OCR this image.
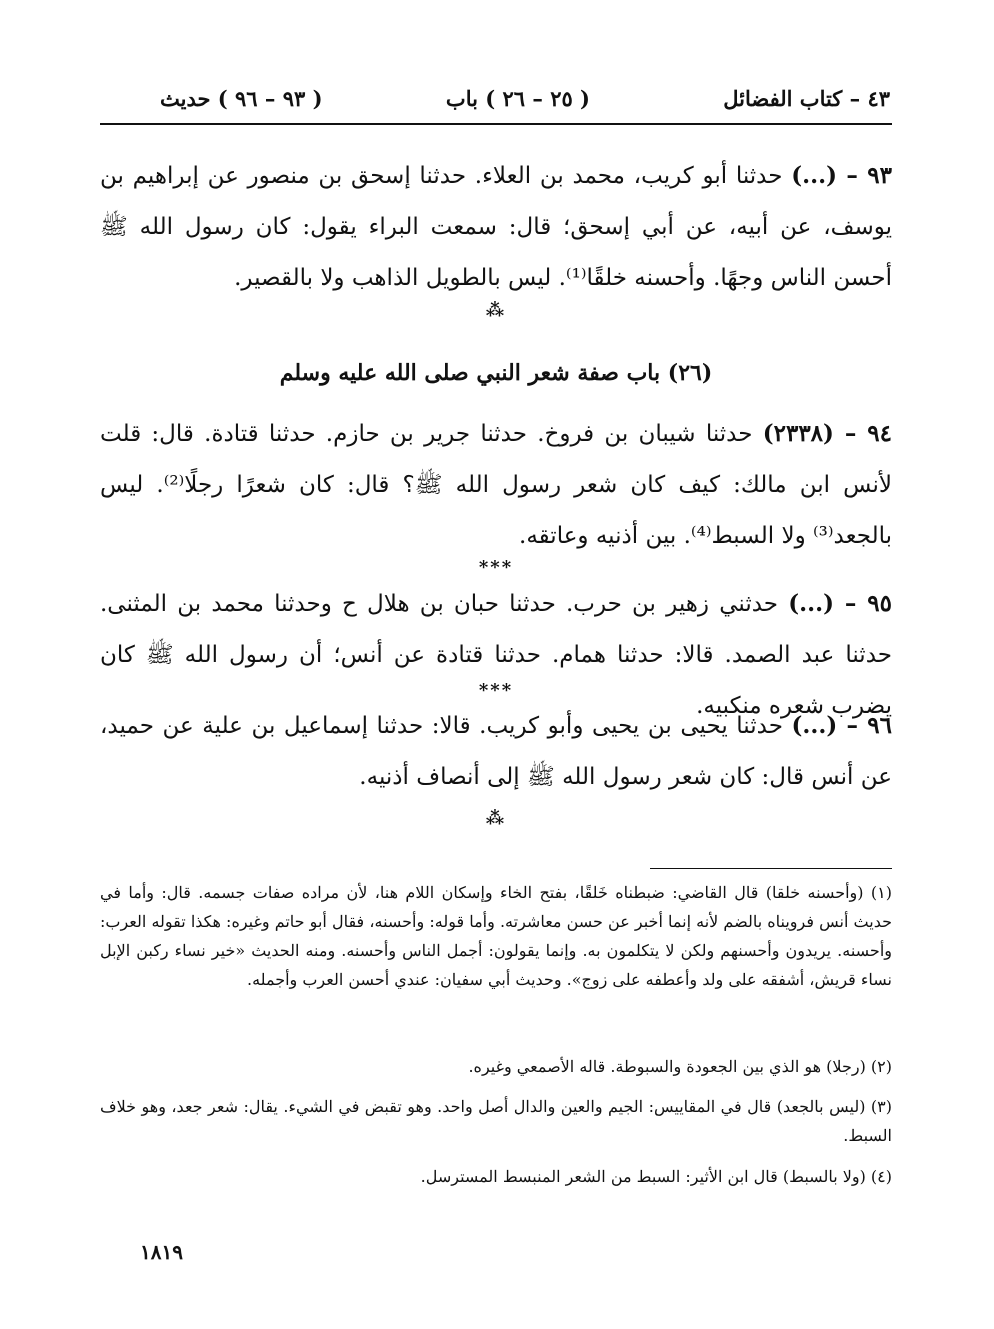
٤٣ – كتاب الفضائل
( ٢٥ – ٢٦ ) باب
( ٩٣ – ٩٦ ) حديث
٩٣ – (...) حدثنا أبو كريب، محمد بن العلاء. حدثنا إسحق بن منصور عن إبراهيم بن يوسف، عن أبيه، عن أبي إسحق؛ قال: سمعت البراء يقول: كان رسول الله ﷺ أحسن الناس وجهًا. وأحسنه خلقًا⁽¹⁾. ليس بالطويل الذاهب ولا بالقصير.
⁂
(٢٦) باب صفة شعر النبي صلى الله عليه وسلم
٩٤ – (٢٣٣٨) حدثنا شيبان بن فروخ. حدثنا جرير بن حازم. حدثنا قتادة. قال: قلت لأنس ابن مالك: كيف كان شعر رسول الله ﷺ؟ قال: كان شعرًا رجلًا⁽²⁾. ليس بالجعد⁽³⁾ ولا السبط⁽⁴⁾. بين أذنيه وعاتقه.
***
٩٥ – (...) حدثني زهير بن حرب. حدثنا حبان بن هلال ح وحدثنا محمد بن المثنى. حدثنا عبد الصمد. قالا: حدثنا همام. حدثنا قتادة عن أنس؛ أن رسول الله ﷺ كان يضرب شعره منكبيه.
***
٩٦ – (...) حدثنا يحيى بن يحيى وأبو كريب. قالا: حدثنا إسماعيل بن علية عن حميد، عن أنس قال: كان شعر رسول الله ﷺ إلى أنصاف أذنيه.
⁂
(١) (وأحسنه خلقا) قال القاضي: ضبطناه خَلقًا، بفتح الخاء وإسكان اللام هنا، لأن مراده صفات جسمه. قال: وأما في حديث أنس فرويناه بالضم لأنه إنما أخبر عن حسن معاشرته. وأما قوله: وأحسنه، فقال أبو حاتم وغيره: هكذا تقوله العرب: وأحسنه. يريدون وأحسنهم ولكن لا يتكلمون به. وإنما يقولون: أجمل الناس وأحسنه. ومنه الحديث «خير نساء ركبن الإبل نساء قريش، أشفقه على ولد وأعطفه على زوج». وحديث أبي سفيان: عندي أحسن العرب وأجمله.
(٢) (رجلا) هو الذي بين الجعودة والسبوطة. قاله الأصمعي وغيره.
(٣) (ليس بالجعد) قال في المقاييس: الجيم والعين والدال أصل واحد. وهو تقبض في الشيء. يقال: شعر جعد، وهو خلاف السبط.
(٤) (ولا بالسبط) قال ابن الأثير: السبط من الشعر المنبسط المسترسل.
١٨١٩
